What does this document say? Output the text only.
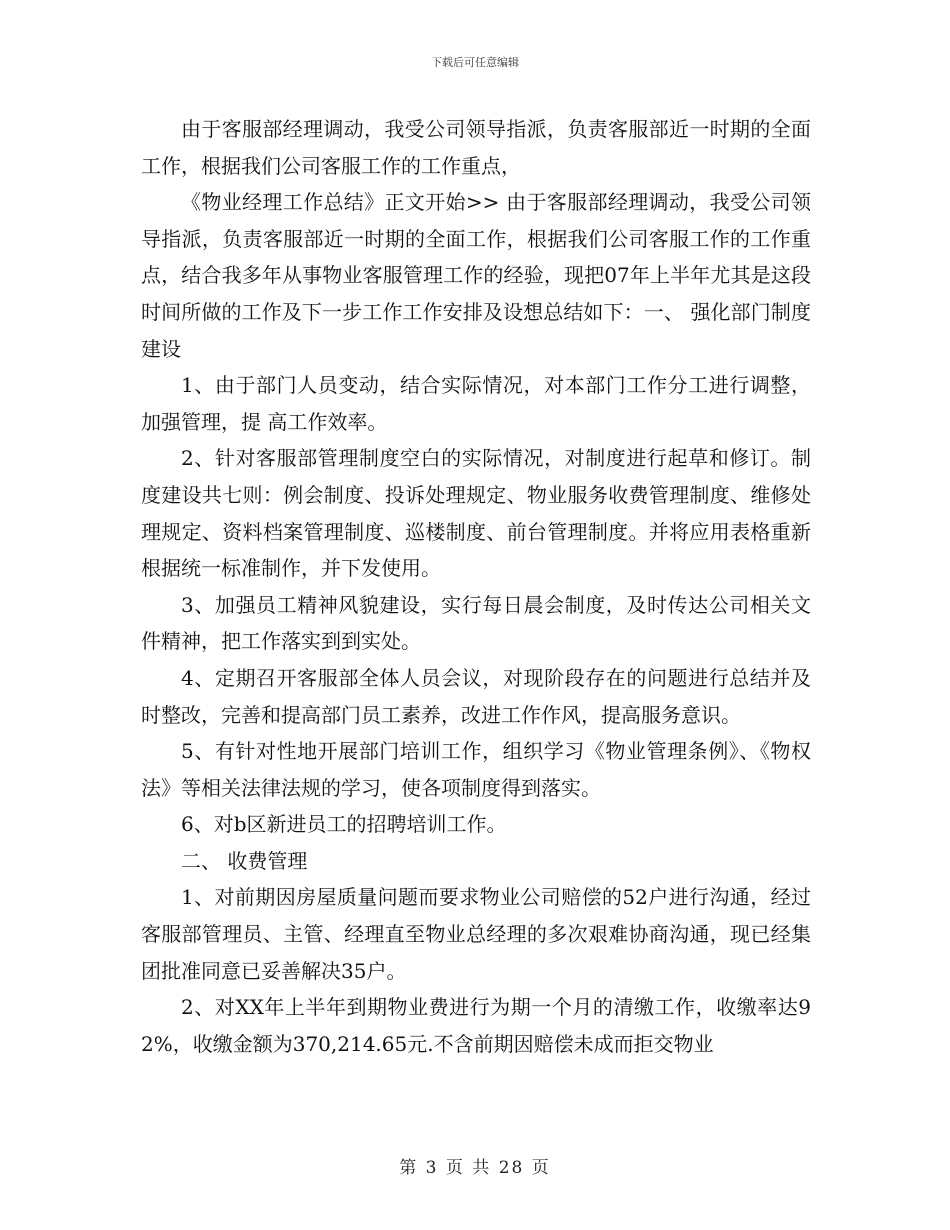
下载后可任意编辑

由于客服部经理调动，我受公司领导指派，负责客服部近一时期的全面工作，根据我们公司客服工作的工作重点，

《物业经理工作总结》正文开始>> 由于客服部经理调动，我受公司领导指派，负责客服部近一时期的全面工作，根据我们公司客服工作的工作重点，结合我多年从事物业客服管理工作的经验，现把07年上半年尤其是这段时间所做的工作及下一步工作工作安排及设想总结如下：一、 强化部门制度建设

1、由于部门人员变动，结合实际情况，对本部门工作分工进行调整，加强管理，提 高工作效率。

2、针对客服部管理制度空白的实际情况，对制度进行起草和修订。制度建设共七则：例会制度、投诉处理规定、物业服务收费管理制度、维修处理规定、资料档案管理制度、巡楼制度、前台管理制度。并将应用表格重新根据统一标准制作，并下发使用。

3、加强员工精神风貌建设，实行每日晨会制度，及时传达公司相关文件精神，把工作落实到到实处。

4、定期召开客服部全体人员会议，对现阶段存在的问题进行总结并及时整改，完善和提高部门员工素养，改进工作作风，提高服务意识。

5、有针对性地开展部门培训工作，组织学习《物业管理条例》、《物权法》等相关法律法规的学习，使各项制度得到落实。

6、对b区新进员工的招聘培训工作。

二、 收费管理

1、对前期因房屋质量问题而要求物业公司赔偿的52户进行沟通，经过客服部管理员、主管、经理直至物业总经理的多次艰难协商沟通，现已经集团批准同意已妥善解决35户。

2、对XX年上半年到期物业费进行为期一个月的清缴工作，收缴率达92%，收缴金额为370,214.65元.不含前期因赔偿未成而拒交物业

第 3 页 共 28 页
